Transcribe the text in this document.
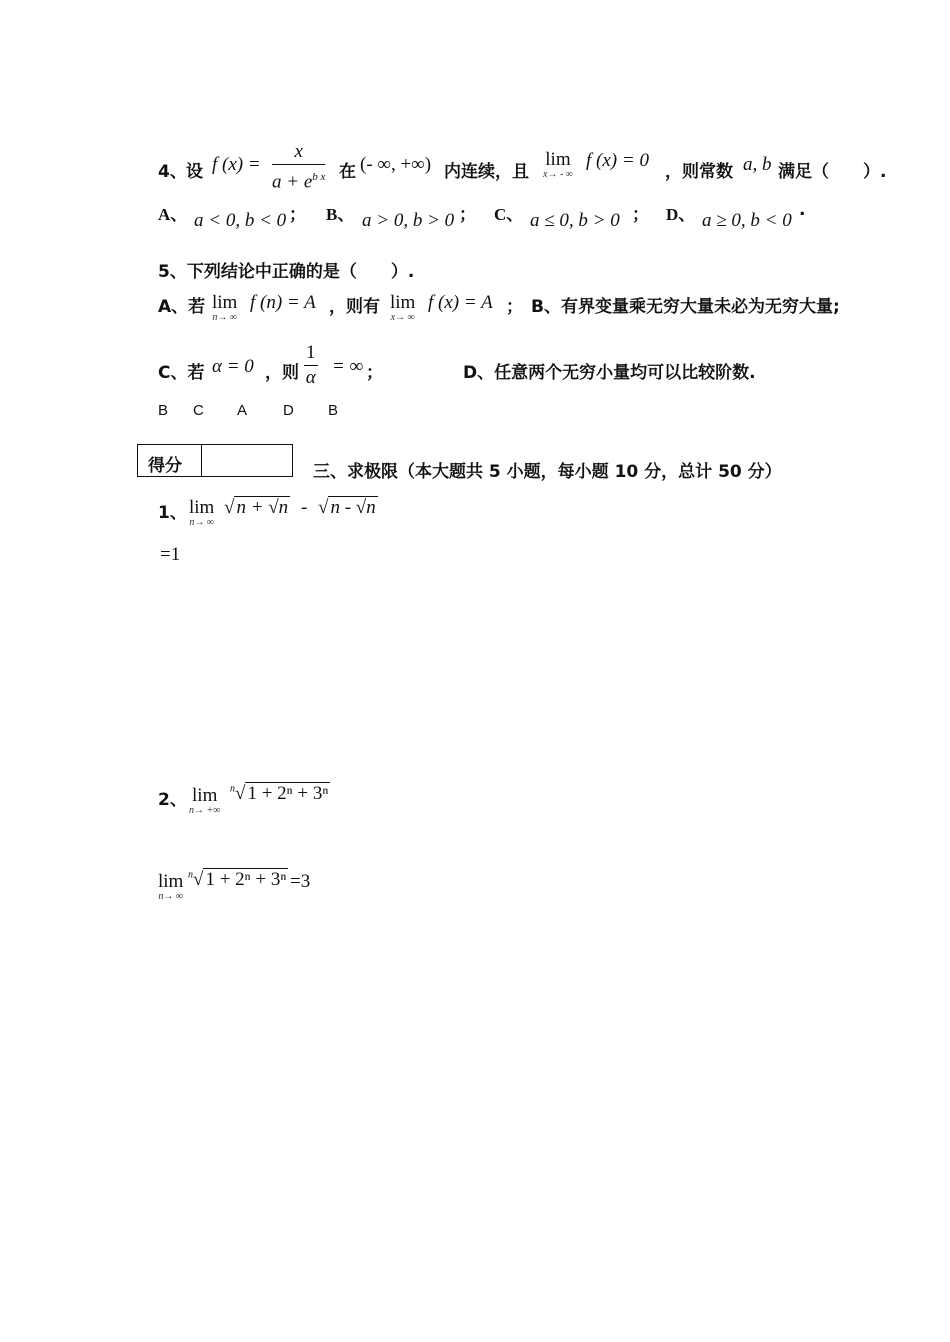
4、 设 f $(x) = \frac{x}{a + e^{b x}}$ 在 (- ∞, +∞) 内连续，且
lim
x→ - ∞
f (x) = 0
，则常数 a, b 满足（　　）.
A、 a < 0, b < 0 ； B、 a > 0, b > 0 ； C、 a ≤ 0, b > 0 ； D、 a ≥ 0, b < 0 .
5、下列结论中正确的是（　　）.
A、若 lim
n→ ∞
f (n) = A ，则有 lim
x→ ∞
f (x) = A ； B、有界变量乘无穷大量未必为无穷大量;
C、若 α = 0 ，则 $\frac{1}{\alpha}$ = ∞ ；	D、任意两个无穷小量均可以比较阶数.
B C A D B
得分	三、求极限（本大题共 5 小题，每小题 10 分，总计 50 分）
1、 lim
n→ ∞
√ n + √n - √ n - √n
=1
2、 lim
n→ +∞
$^n$√ 1 + 2ⁿ + 3ⁿ
lim
n→ ∞
$^n$√ 1 + 2ⁿ + 3ⁿ =3
